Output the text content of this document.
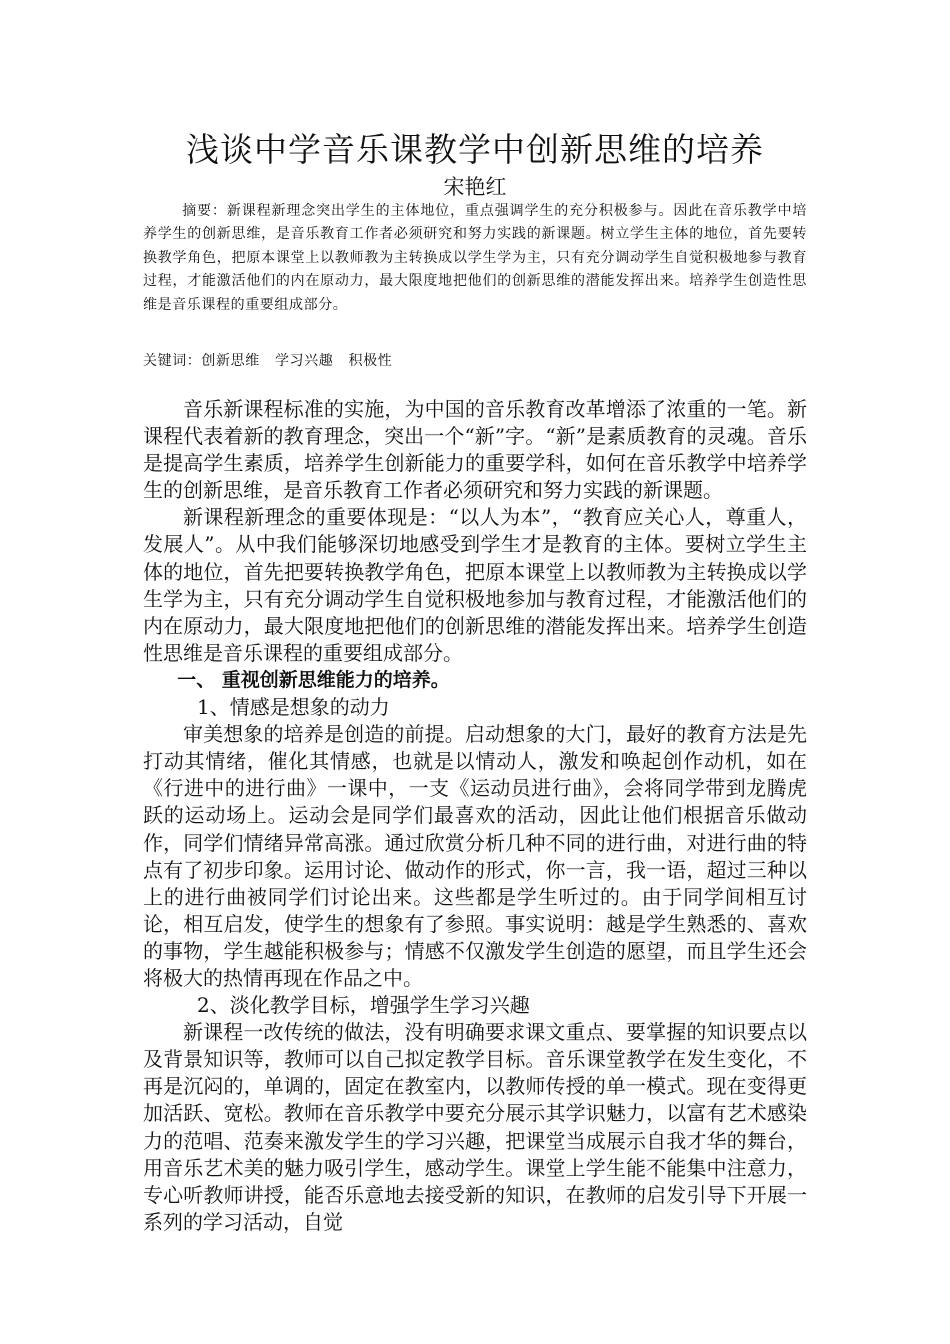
浅谈中学音乐课教学中创新思维的培养
宋艳红
摘要：新课程新理念突出学生的主体地位，重点强调学生的充分积极参与。因此在音乐教学中培养学生的创新思维，是音乐教育工作者必须研究和努力实践的新课题。树立学生主体的地位，首先要转换教学角色，把原本课堂上以教师教为主转换成以学生学为主，只有充分调动学生自觉积极地参与教育过程，才能激活他们的内在原动力，最大限度地把他们的创新思维的潜能发挥出来。培养学生创造性思维是音乐课程的重要组成部分。
关键词：创新思维   学习兴趣   积极性

音乐新课程标准的实施，为中国的音乐教育改革增添了浓重的一笔。新课程代表着新的教育理念，突出一个“新”字。“新”是素质教育的灵魂。音乐是提高学生素质，培养学生创新能力的重要学科，如何在音乐教学中培养学生的创新思维，是音乐教育工作者必须研究和努力实践的新课题。

新课程新理念的重要体现是：“以人为本”，“教育应关心人，尊重人，发展人”。从中我们能够深切地感受到学生才是教育的主体。要树立学生主体的地位，首先把要转换教学角色，把原本课堂上以教师教为主转换成以学生学为主，只有充分调动学生自觉积极地参加与教育过程，才能激活他们的内在原动力，最大限度地把他们的创新思维的潜能发挥出来。培养学生创造性思维是音乐课程的重要组成部分。

一、 重视创新思维能力的培养。

1、情感是想象的动力

审美想象的培养是创造的前提。启动想象的大门，最好的教育方法是先打动其情绪，催化其情感，也就是以情动人，激发和唤起创作动机，如在《行进中的进行曲》一课中，一支《运动员进行曲》，会将同学带到龙腾虎跃的运动场上。运动会是同学们最喜欢的活动，因此让他们根据音乐做动作，同学们情绪异常高涨。通过欣赏分析几种不同的进行曲，对进行曲的特点有了初步印象。运用讨论、做动作的形式，你一言，我一语，超过三种以上的进行曲被同学们讨论出来。这些都是学生听过的。由于同学间相互讨论，相互启发，使学生的想象有了参照。事实说明：越是学生熟悉的、喜欢的事物，学生越能积极参与；情感不仅激发学生创造的愿望，而且学生还会将极大的热情再现在作品之中。

2、淡化教学目标，增强学生学习兴趣

新课程一改传统的做法，没有明确要求课文重点、要掌握的知识要点以及背景知识等，教师可以自己拟定教学目标。音乐课堂教学在发生变化，不再是沉闷的，单调的，固定在教室内，以教师传授的单一模式。现在变得更加活跃、宽松。教师在音乐教学中要充分展示其学识魅力，以富有艺术感染力的范唱、范奏来激发学生的学习兴趣，把课堂当成展示自我才华的舞台，用音乐艺术美的魅力吸引学生，感动学生。课堂上学生能不能集中注意力，专心听教师讲授，能否乐意地去接受新的知识，在教师的启发引导下开展一系列的学习活动，自觉
